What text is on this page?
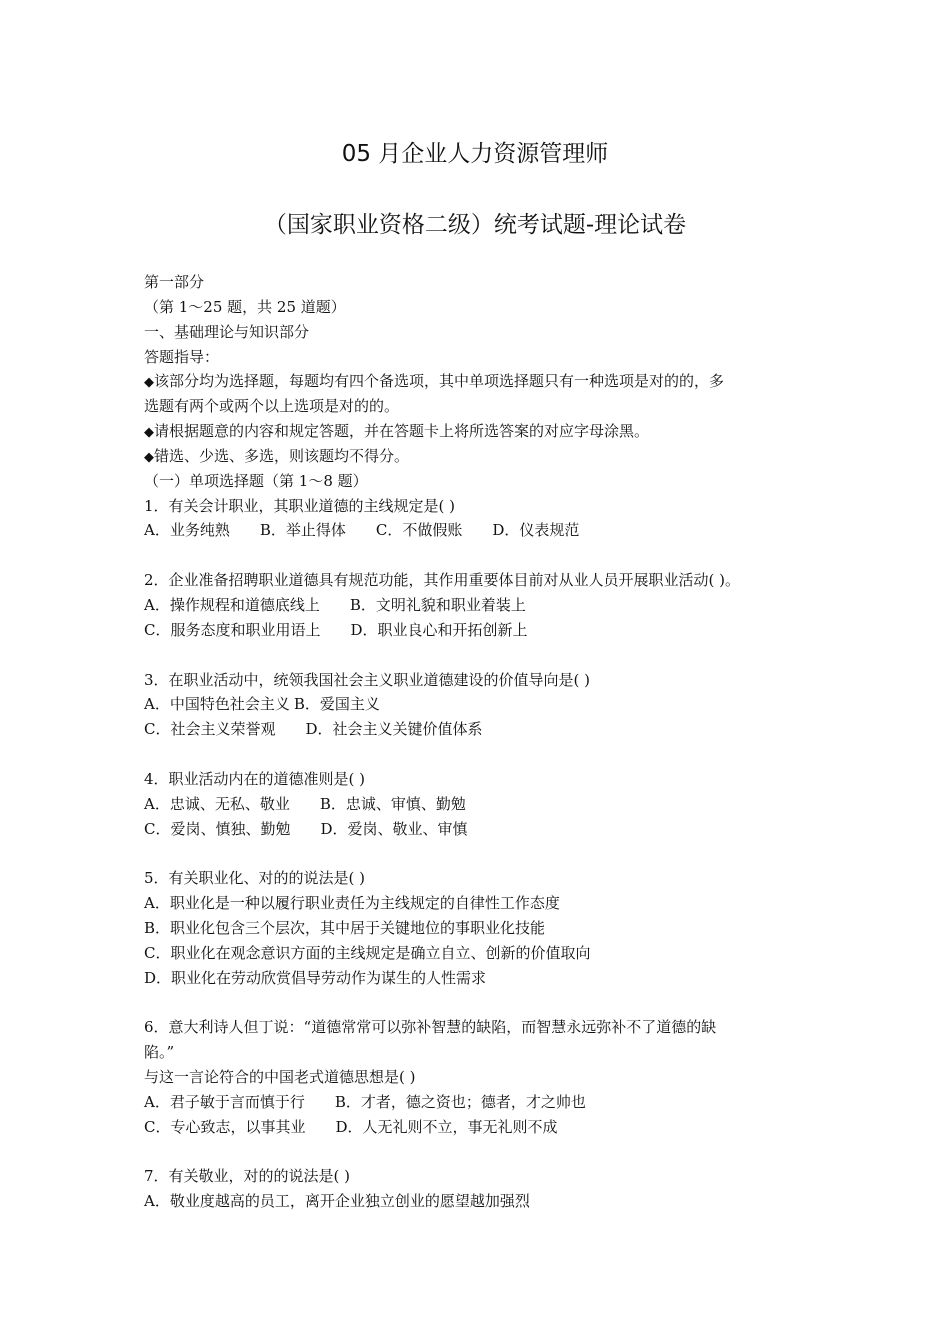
05 月企业人力资源管理师
（国家职业资格二级）统考试题-理论试卷
第一部分
（第 1～25 题，共 25 道题）
一、基础理论与知识部分
答题指导：
◆该部分均为选择题，每题均有四个备选项，其中单项选择题只有一种选项是对的的，多
选题有两个或两个以上选项是对的的。
◆请根据题意的内容和规定答题，并在答题卡上将所选答案的对应字母涂黑。
◆错选、少选、多选，则该题均不得分。
（一）单项选择题（第 1～8 题）
1．有关会计职业，其职业道德的主线规定是( )
A．业务纯熟 B．举止得体 C．不做假账 D．仪表规范
2．企业准备招聘职业道德具有规范功能，其作用重要体目前对从业人员开展职业活动( )。
A．操作规程和道德底线上 B．文明礼貌和职业着装上
C．服务态度和职业用语上 D．职业良心和开拓创新上
3．在职业活动中，统领我国社会主义职业道德建设的价值导向是( )
A．中国特色社会主义 B．爱国主义
C．社会主义荣誉观 D．社会主义关键价值体系
4．职业活动内在的道德准则是( )
A．忠诚、无私、敬业 B．忠诚、审慎、勤勉
C．爱岗、慎独、勤勉 D．爱岗、敬业、审慎
5．有关职业化、对的的说法是( )
A．职业化是一种以履行职业责任为主线规定的自律性工作态度
B．职业化包含三个层次，其中居于关键地位的事职业化技能
C．职业化在观念意识方面的主线规定是确立自立、创新的价值取向
D．职业化在劳动欣赏倡导劳动作为谋生的人性需求
6．意大利诗人但丁说：“道德常常可以弥补智慧的缺陷，而智慧永远弥补不了道德的缺
陷。”
与这一言论符合的中国老式道德思想是( )
A．君子敏于言而慎于行 B．才者，德之资也；德者，才之帅也
C．专心致志，以事其业 D．人无礼则不立，事无礼则不成
7．有关敬业，对的的说法是( )
A．敬业度越高的员工，离开企业独立创业的愿望越加强烈
